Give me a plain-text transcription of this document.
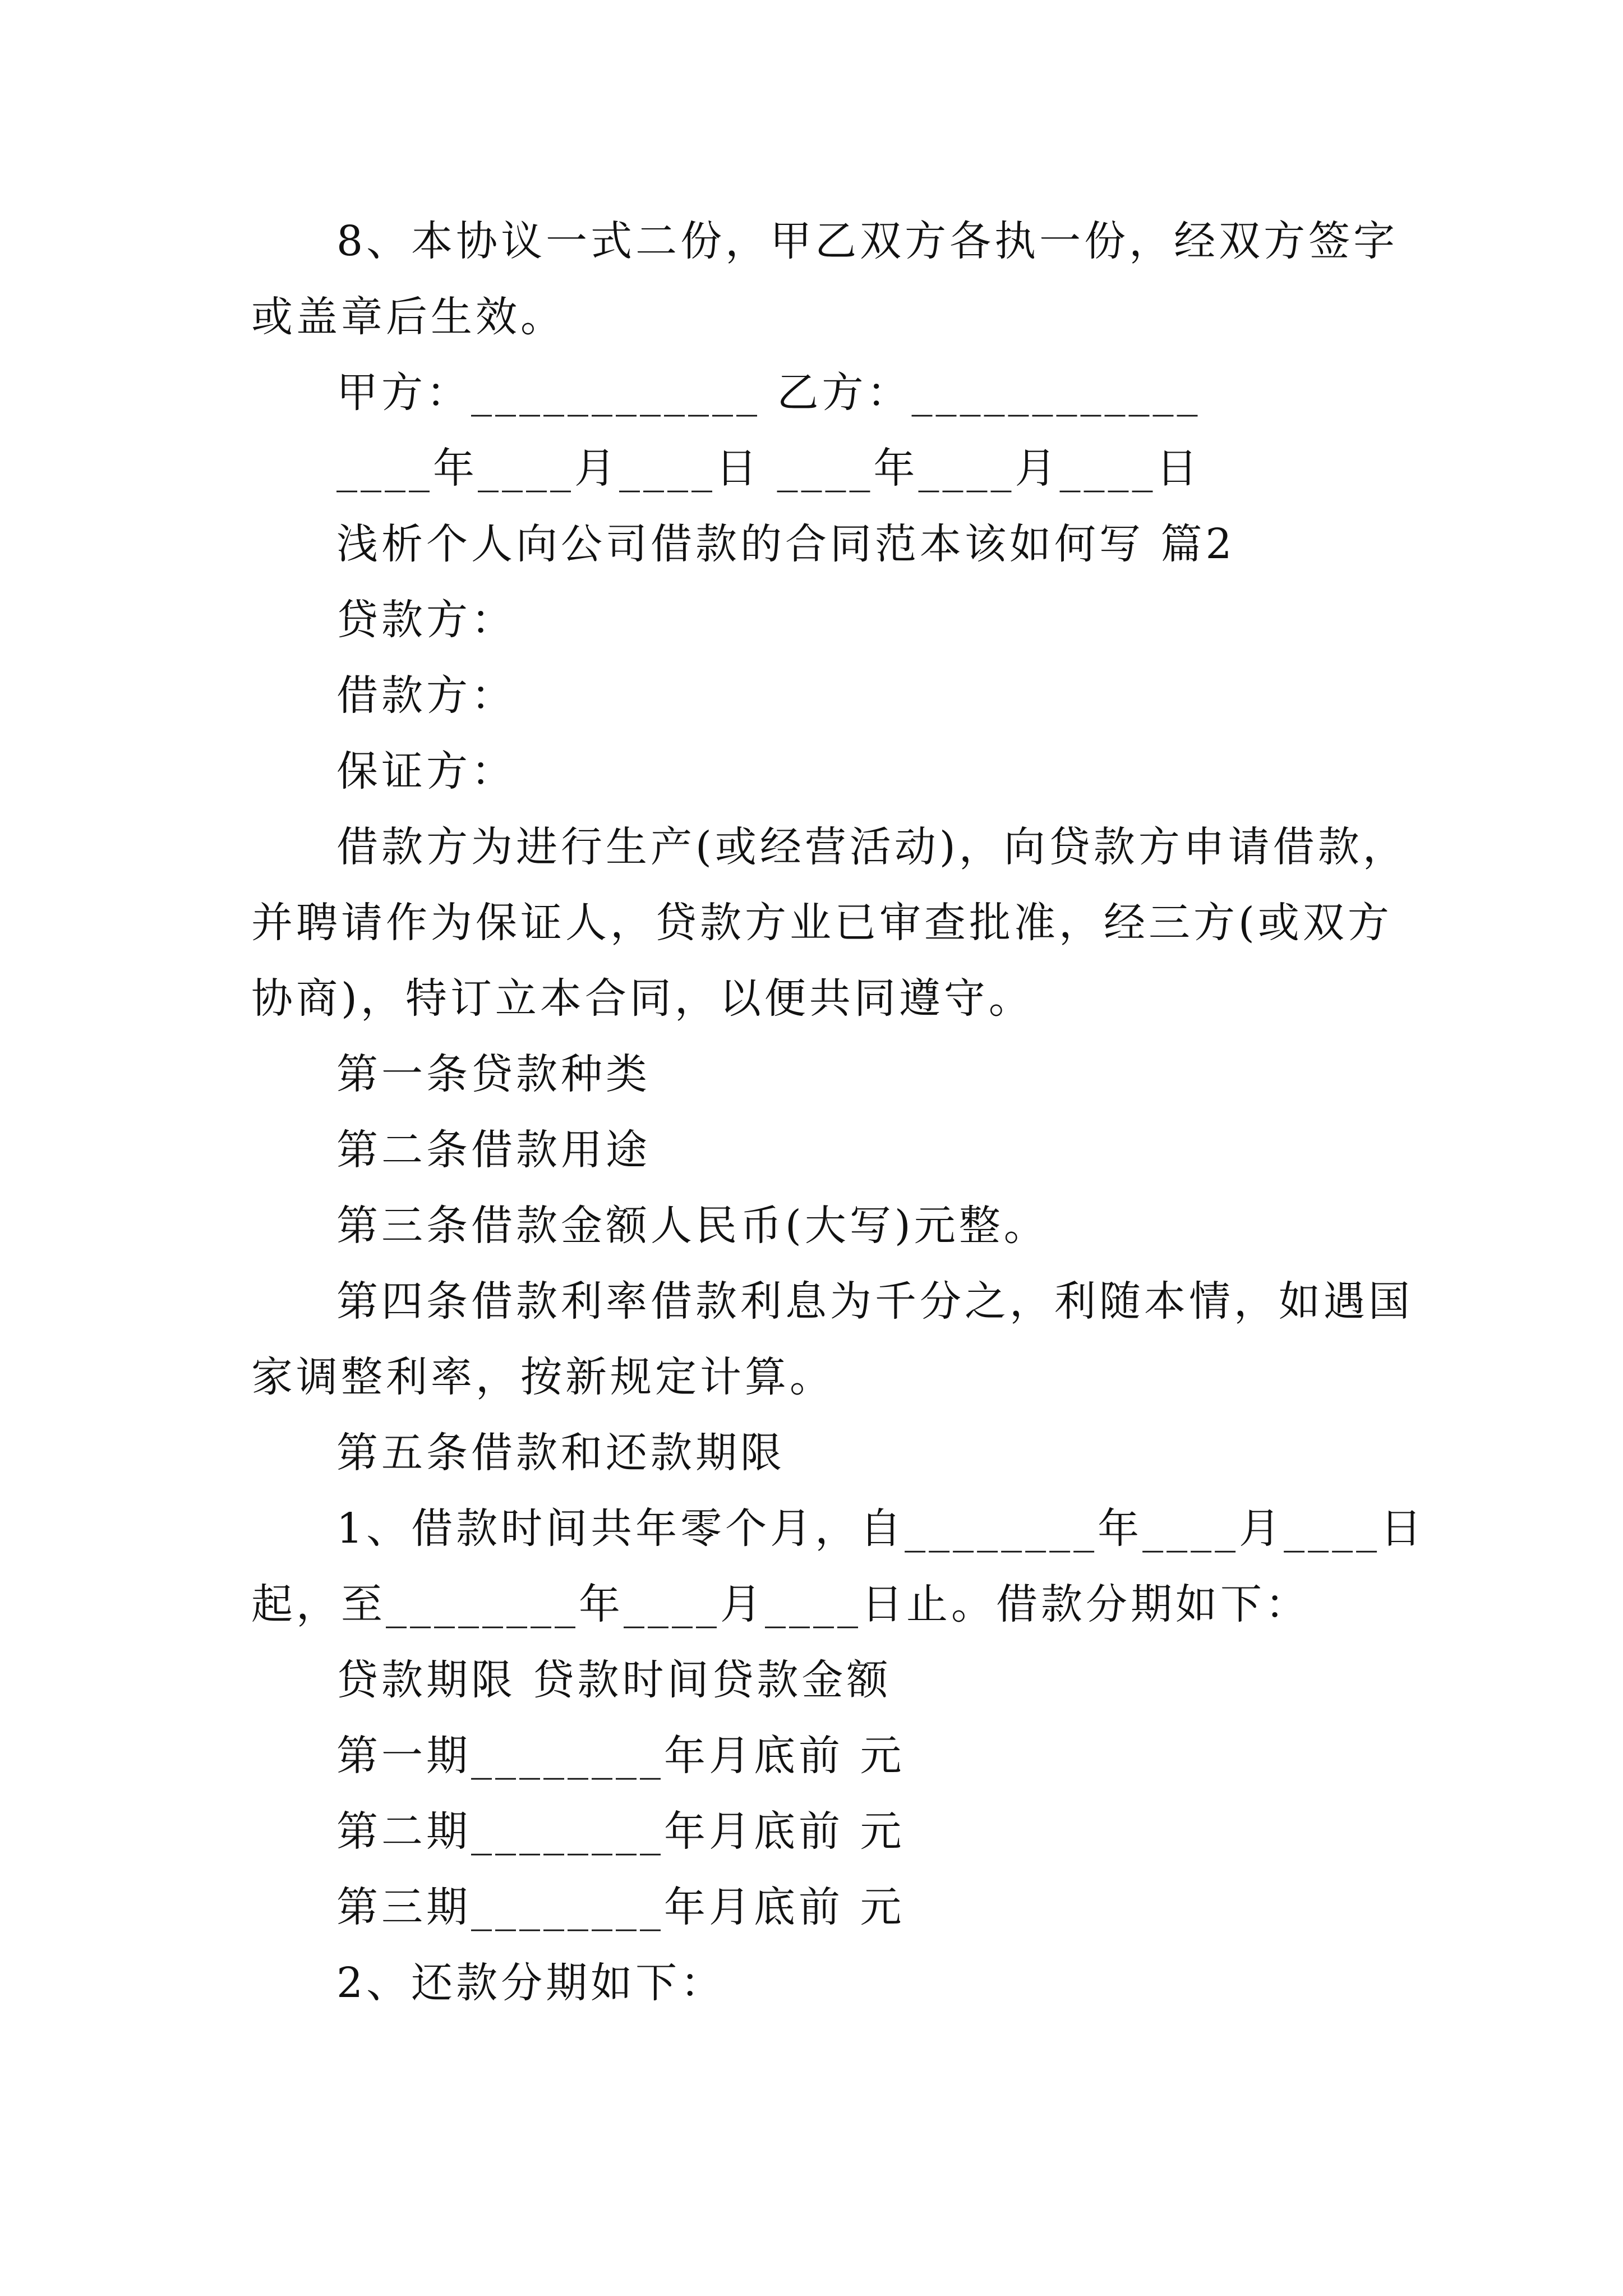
8、本协议一式二份，甲乙双方各执一份，经双方签字
或盖章后生效。
甲方：____________ 乙方：____________
____年____月____日 ____年____月____日
浅析个人向公司借款的合同范本该如何写 篇2
贷款方：
借款方：
保证方：
借款方为进行生产(或经营活动)，向贷款方申请借款，
并聘请作为保证人，贷款方业已审查批准，经三方(或双方
协商)，特订立本合同，以便共同遵守。
第一条贷款种类
第二条借款用途
第三条借款金额人民币(大写)元整。
第四条借款利率借款利息为千分之，利随本情，如遇国
家调整利率，按新规定计算。
第五条借款和还款期限
1、借款时间共年零个月，自________年____月____日
起，至________年____月____日止。借款分期如下：
贷款期限 贷款时间贷款金额
第一期________年月底前 元
第二期________年月底前 元
第三期________年月底前 元
2、还款分期如下：
